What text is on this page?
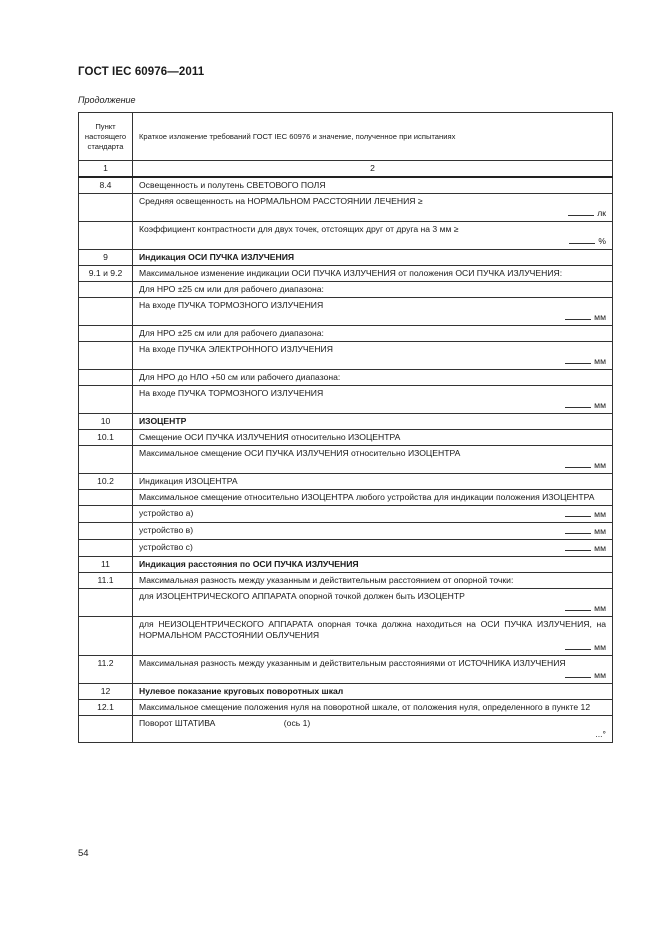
ГОСТ IEC 60976—2011
Продолжение
Пункт настоящего стандарта	Краткое изложение требований ГОСТ IEC 60976 и значение, полученное при испытаниях
1	2
8.4	Освещенность и полутень СВЕТОВОГО ПОЛЯ

	Средняя освещенность на НОРМАЛЬНОМ РАССТОЯНИИ ЛЕЧЕНИЯ ≥
лк

	Коэффициент контрастности для двух точек, отстоящих друг от друга на 3 мм ≥
%

9	Индикация ОСИ ПУЧКА ИЗЛУЧЕНИЯ
9.1 и 9.2	Максимальное изменение индикации ОСИ ПУЧКА ИЗЛУЧЕНИЯ от положения ОСИ ПУЧКА ИЗЛУЧЕНИЯ:
	Для НРО ±25 см или для рабочего диапазона:

	На входе ПУЧКА ТОРМОЗНОГО ИЗЛУЧЕНИЯ
мм

	Для НРО ±25 см или для рабочего диапазона:

	На входе ПУЧКА ЭЛЕКТРОННОГО ИЗЛУЧЕНИЯ
мм

	Для НРО до НЛО +50 см или рабочего диапазона:

	На входе ПУЧКА ТОРМОЗНОГО ИЗЛУЧЕНИЯ
мм

10	ИЗОЦЕНТР
10.1	Смещение ОСИ ПУЧКА ИЗЛУЧЕНИЯ относительно ИЗОЦЕНТРА

	Максимальное смещение ОСИ ПУЧКА ИЗЛУЧЕНИЯ относительно ИЗОЦЕНТРА
мм

10.2	Индикация ИЗОЦЕНТРА
	Максимальное смещение относительно ИЗОЦЕНТРА любого устройства для индикации положения ИЗОЦЕНТРА
	устройство а) мм

	устройство в) мм

	устройство с) мм

11	Индикация расстояния по ОСИ ПУЧКА ИЗЛУЧЕНИЯ
11.1	Максимальная разность между указанным и действительным расстоянием от опорной точки:

	для ИЗОЦЕНТРИЧЕСКОГО АППАРАТА опорной точкой должен быть ИЗОЦЕНТР
мм

	для НЕИЗОЦЕНТРИЧЕСКОГО АППАРАТА опорная точка должна находиться на ОСИ ПУЧКА ИЗЛУЧЕНИЯ, на НОРМАЛЬНОМ РАССТОЯНИИ ОБЛУЧЕНИЯ
мм

11.2	Максимальная разность между указанным и действительным расстояниями от ИСТОЧНИКА ИЗЛУЧЕНИЯ
мм

12	Нулевое показание круговых поворотных шкал
12.1	Максимальное смещение положения нуля на поворотной шкале, от положения нуля, определенного в пункте 12

	Поворот ШТАТИВА (ось 1)
...°
54
